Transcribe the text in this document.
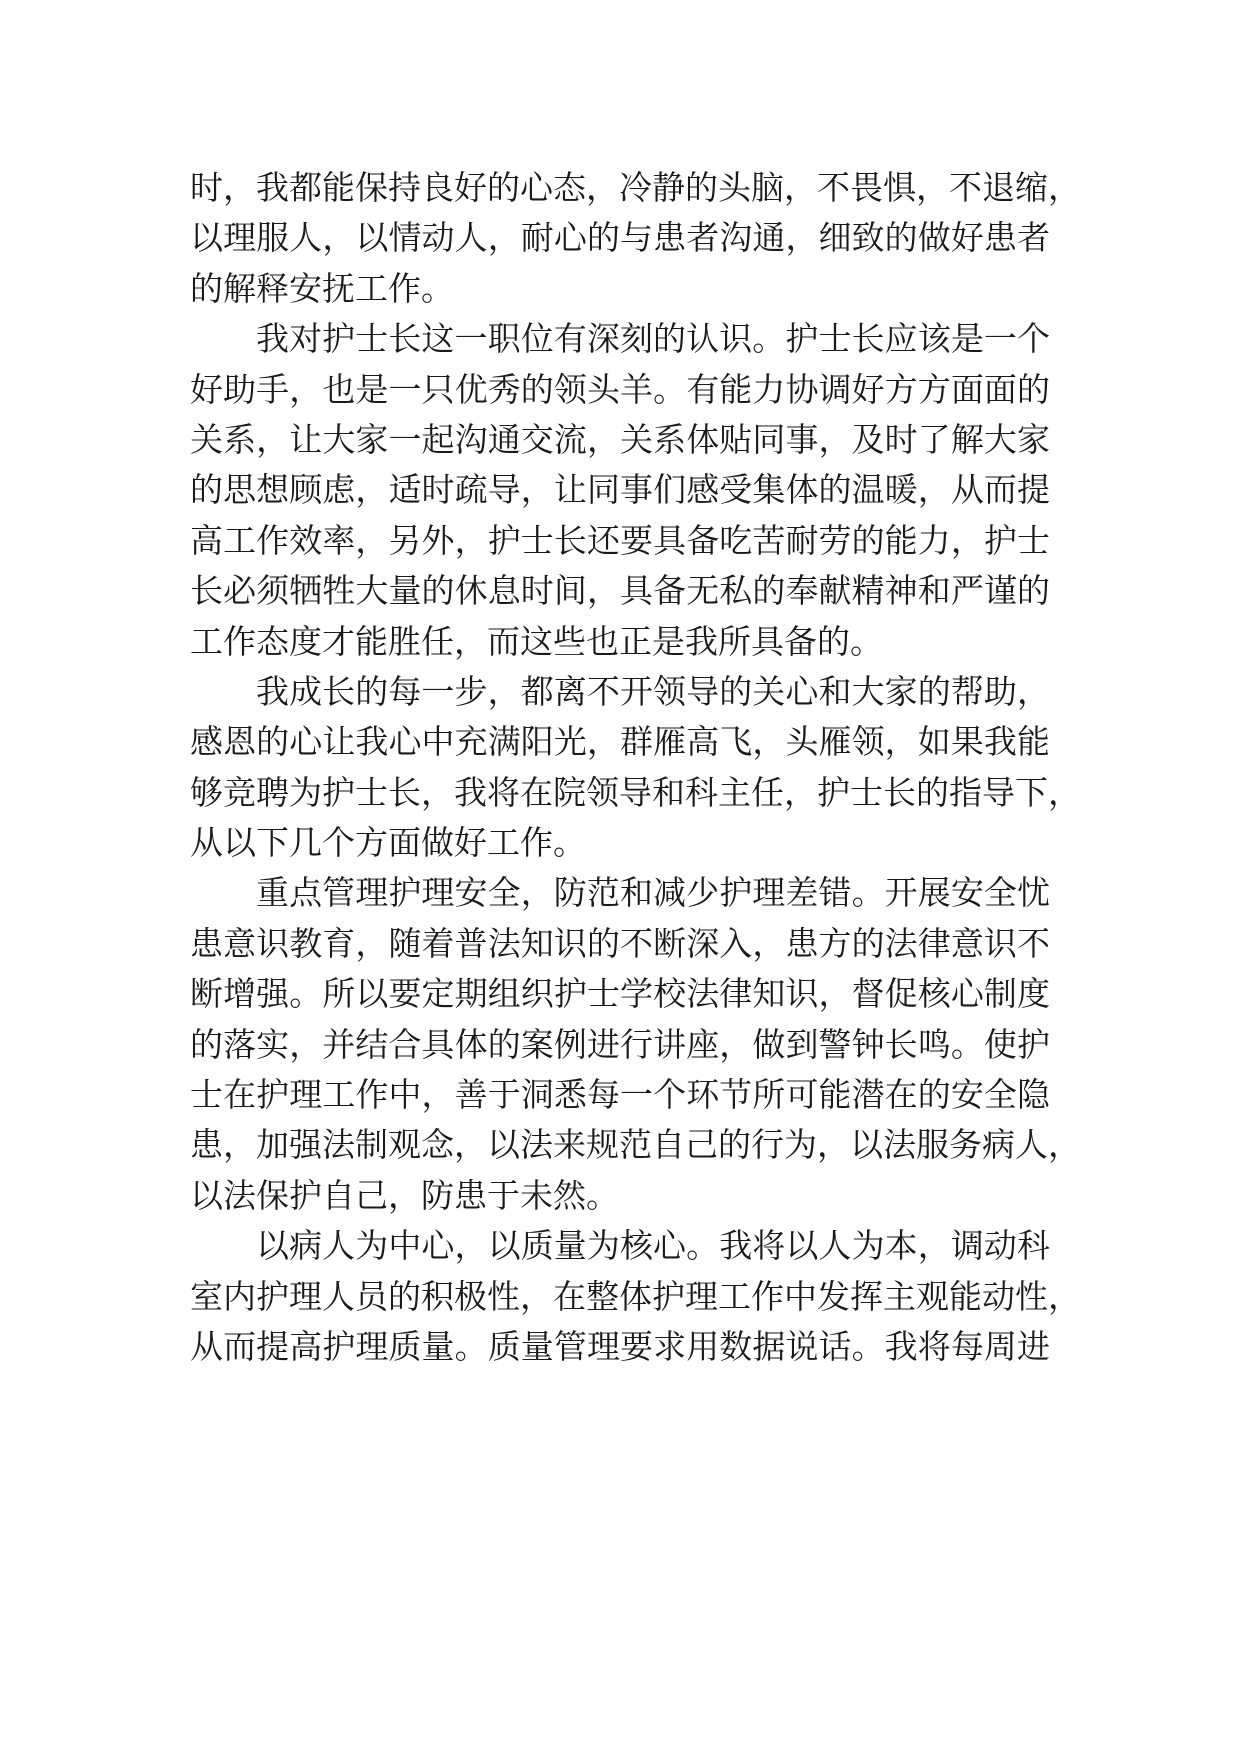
时，我都能保持良好的心态，冷静的头脑，不畏惧，不退缩，
以理服人，以情动人，耐心的与患者沟通，细致的做好患者
的解释安抚工作。
我对护士长这一职位有深刻的认识。护士长应该是一个
好助手，也是一只优秀的领头羊。有能力协调好方方面面的
关系，让大家一起沟通交流，关系体贴同事，及时了解大家
的思想顾虑，适时疏导，让同事们感受集体的温暖，从而提
高工作效率，另外，护士长还要具备吃苦耐劳的能力，护士
长必须牺牲大量的休息时间，具备无私的奉献精神和严谨的
工作态度才能胜任，而这些也正是我所具备的。
我成长的每一步，都离不开领导的关心和大家的帮助，
感恩的心让我心中充满阳光，群雁高飞，头雁领，如果我能
够竞聘为护士长，我将在院领导和科主任，护士长的指导下，
从以下几个方面做好工作。
重点管理护理安全，防范和减少护理差错。开展安全忧
患意识教育，随着普法知识的不断深入，患方的法律意识不
断增强。所以要定期组织护士学校法律知识，督促核心制度
的落实，并结合具体的案例进行讲座，做到警钟长鸣。使护
士在护理工作中，善于洞悉每一个环节所可能潜在的安全隐
患，加强法制观念，以法来规范自己的行为，以法服务病人，
以法保护自己，防患于未然。
以病人为中心，以质量为核心。我将以人为本，调动科
室内护理人员的积极性，在整体护理工作中发挥主观能动性，
从而提高护理质量。质量管理要求用数据说话。我将每周进
